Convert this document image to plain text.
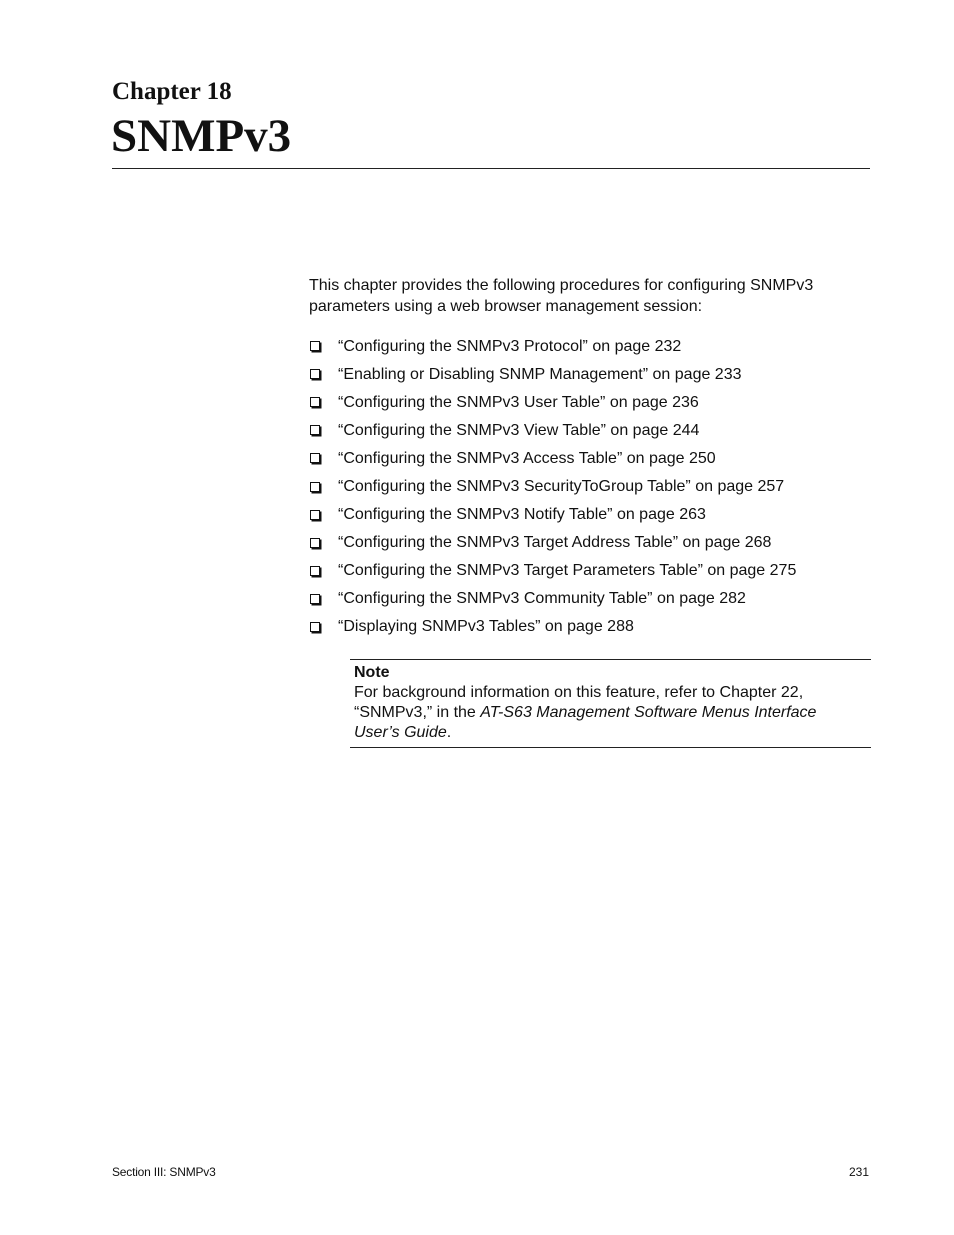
Chapter 18
SNMPv3

This chapter provides the following procedures for configuring SNMPv3 parameters using a web browser management session:

“Configuring the SNMPv3 Protocol” on page 232
“Enabling or Disabling SNMP Management” on page 233
“Configuring the SNMPv3 User Table” on page 236
“Configuring the SNMPv3 View Table” on page 244
“Configuring the SNMPv3 Access Table” on page 250
“Configuring the SNMPv3 SecurityToGroup Table” on page 257
“Configuring the SNMPv3 Notify Table” on page 263
“Configuring the SNMPv3 Target Address Table” on page 268
“Configuring the SNMPv3 Target Parameters Table” on page 275
“Configuring the SNMPv3 Community Table” on page 282
“Displaying SNMPv3 Tables” on page 288

Note

For background information on this feature, refer to Chapter 22, “SNMPv3,” in the AT-S63 Management Software Menus Interface User’s Guide.

Section III: SNMPv3	231
